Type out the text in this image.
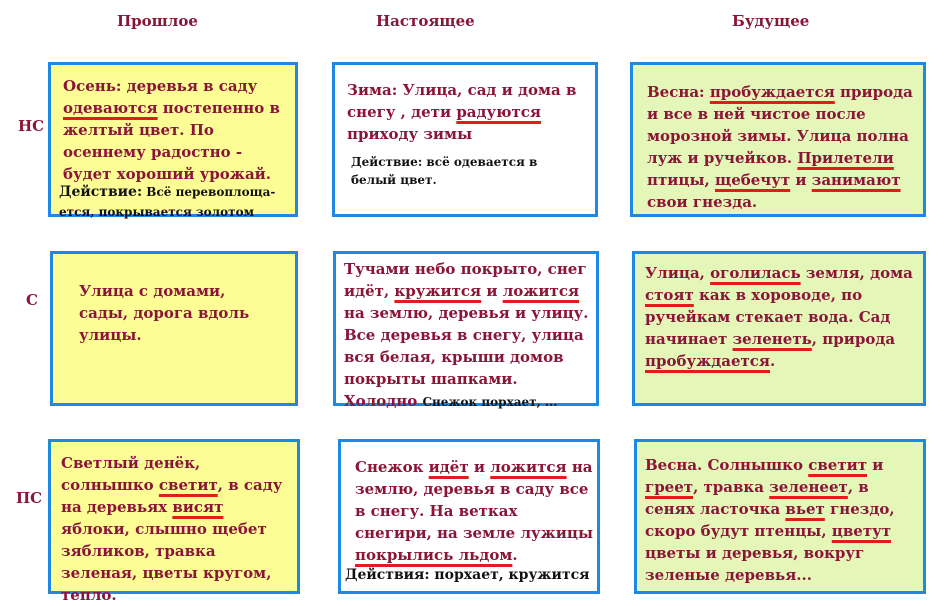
Прошлое	Настоящее	Будущее
НС
С
ПС
Осень: деревья в саду одеваются постепенно в желтый цвет. По осеннему радостно - будет хороший урожай.
Действие: Всё перевоплоща-ется, покрывается золотом
Зима: Улица, сад и дома в снегу , дети радуются приходу зимы
Действие: всё одевается в белый цвет.
Весна: пробуждается природа и все в ней чистое после морозной зимы. Улица полна луж и ручейков. Прилетели птицы, щебечут и занимают свои гнезда.
Улица с домами, сады, дорога вдоль улицы.
Тучами небо покрыто, снег идёт, кружится и ложится на землю, деревья и улицу. Все деревья в снегу, улица вся белая, крыши домов покрыты шапками. Холодно Снежок порхает, ...
Улица, оголилась земля, дома стоят как в хороводе, по ручейкам стекает вода. Сад начинает зеленеть, природа пробуждается.
Светлый денёк, солнышко светит, в саду на деревьях висят яблоки, слышно щебет зябликов, травка зеленая, цветы кругом, тепло.
Снежок идёт и ложится на землю, деревья в саду все в снегу. На ветках снегири, на земле лужицы покрылись льдом.
Действия: порхает, кружится
Весна. Солнышко светит и греет, травка зеленеет, в сенях ласточка вьет гнездо, скоро будут птенцы, цветут цветы и деревья, вокруг зеленые деревья...
